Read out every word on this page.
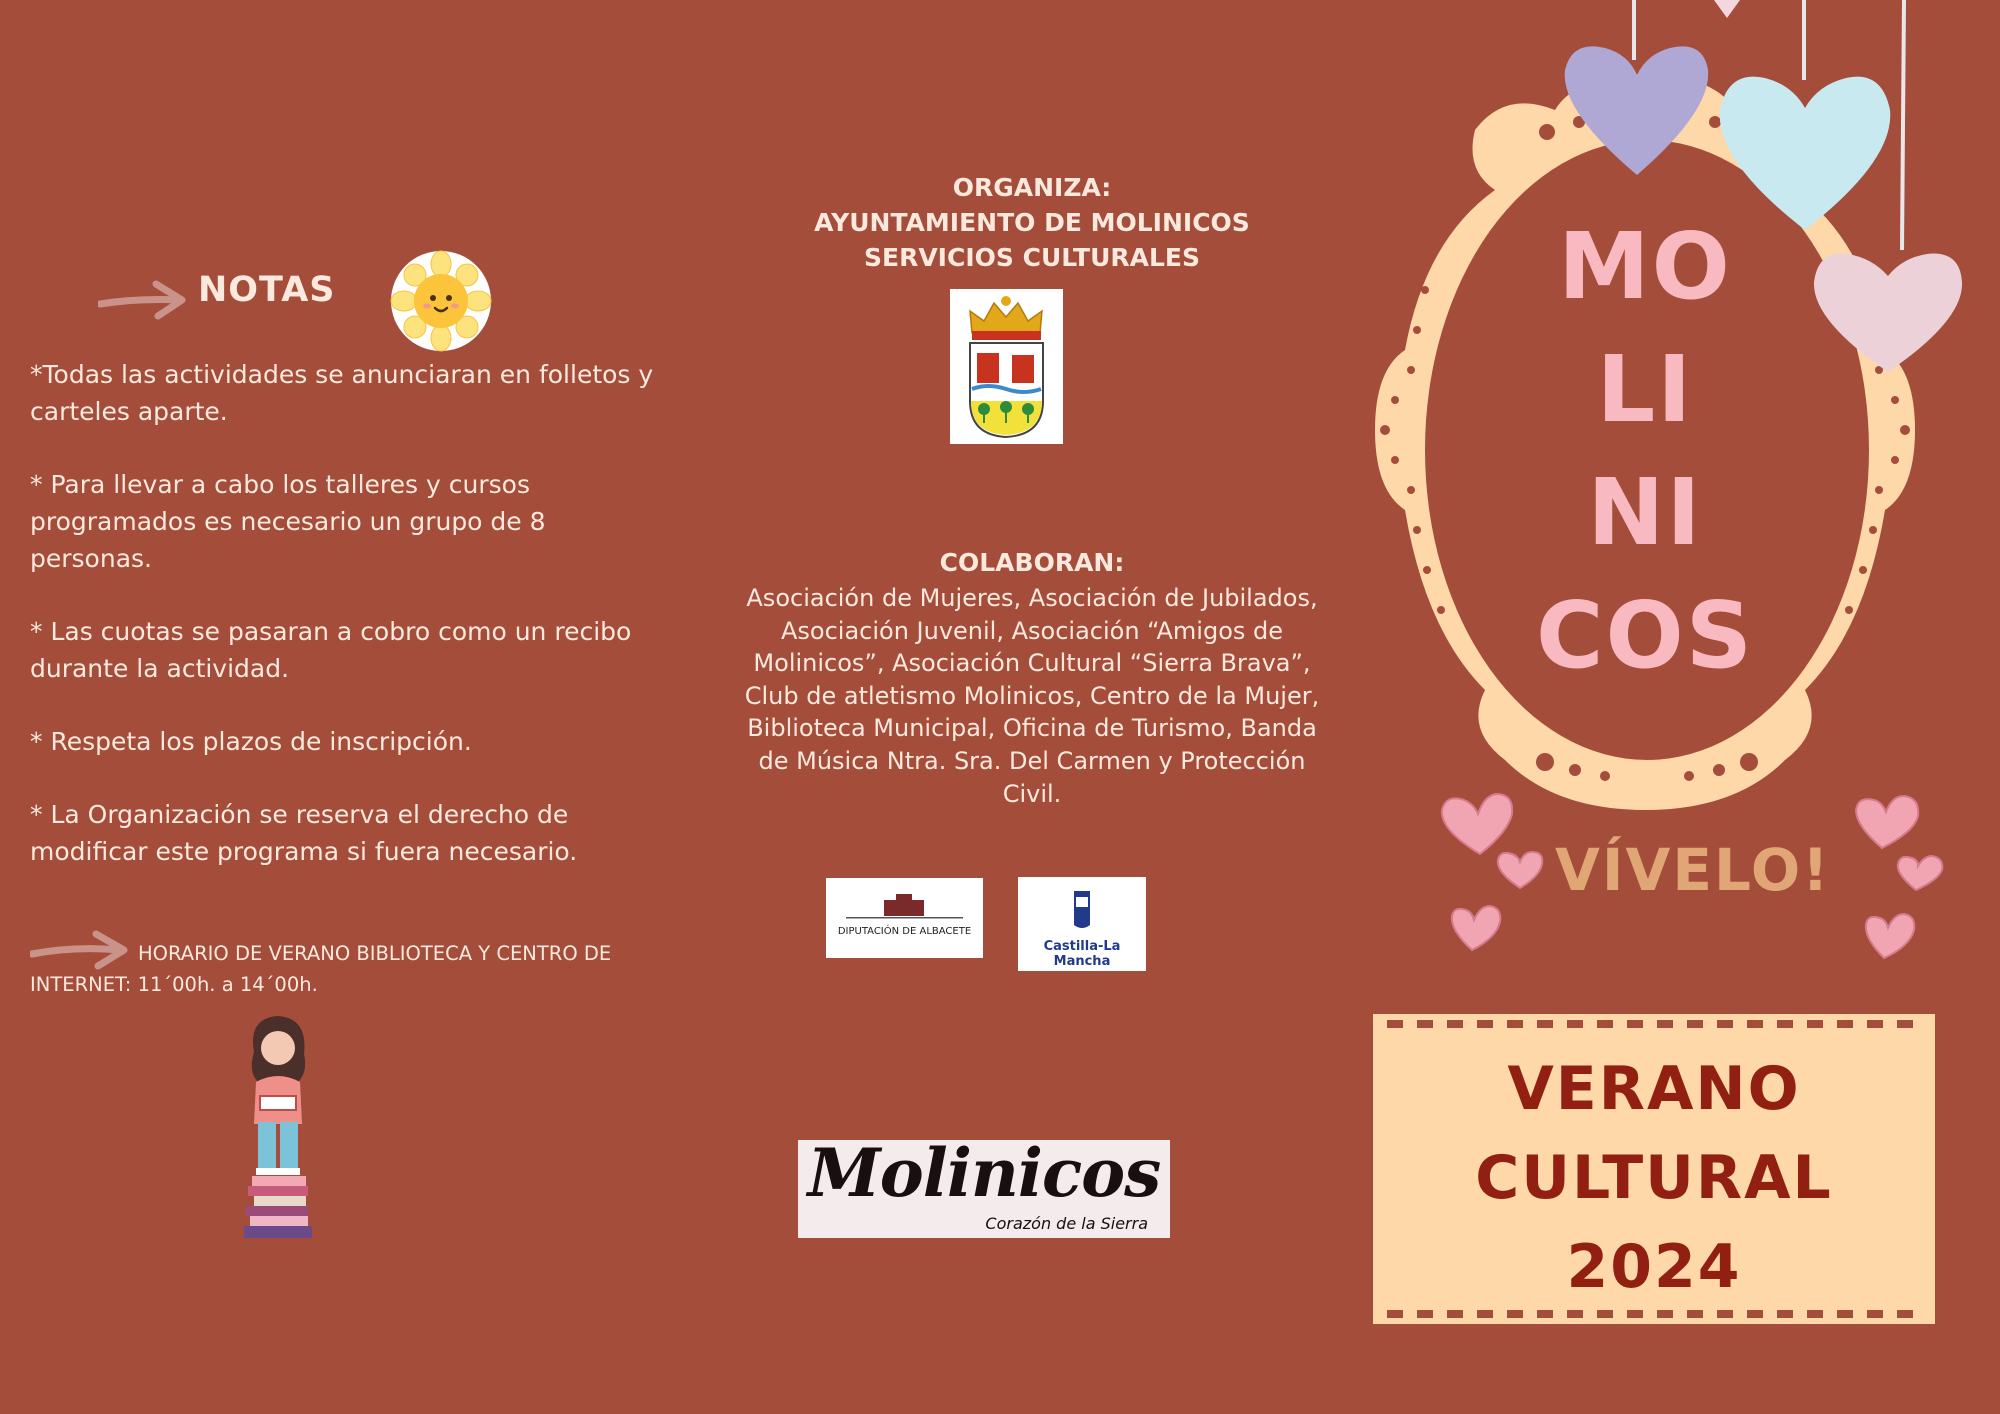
NOTAS

*Todas las actividades se anunciaran en folletos y carteles aparte.

* Para llevar a cabo los talleres y cursos programados es necesario un grupo de 8 personas.

* Las cuotas se pasaran a cobro como un recibo durante la actividad.

* Respeta los plazos de inscripción.

* La Organización se reserva el derecho de modificar este programa si fuera necesario.

HORARIO DE VERANO BIBLIOTECA Y CENTRO DE INTERNET: 11´00h. a 14´00h.
ORGANIZA:
AYUNTAMIENTO DE MOLINICOS
SERVICIOS CULTURALES
COLABORAN:
Asociación de Mujeres, Asociación de Jubilados, Asociación Juvenil, Asociación “Amigos de Molinicos”, Asociación Cultural “Sierra Brava”, Club de atletismo Molinicos, Centro de la Mujer, Biblioteca Municipal, Oficina de Turismo, Banda de Música Ntra. Sra. Del Carmen y Protección Civil.
DIPUTACIÓN DE ALBACETE
Castilla-La Mancha
Molinicos
Corazón de la Sierra
MO
LI
NI
COS
VÍVELO!
VERANO
CULTURAL
2024
